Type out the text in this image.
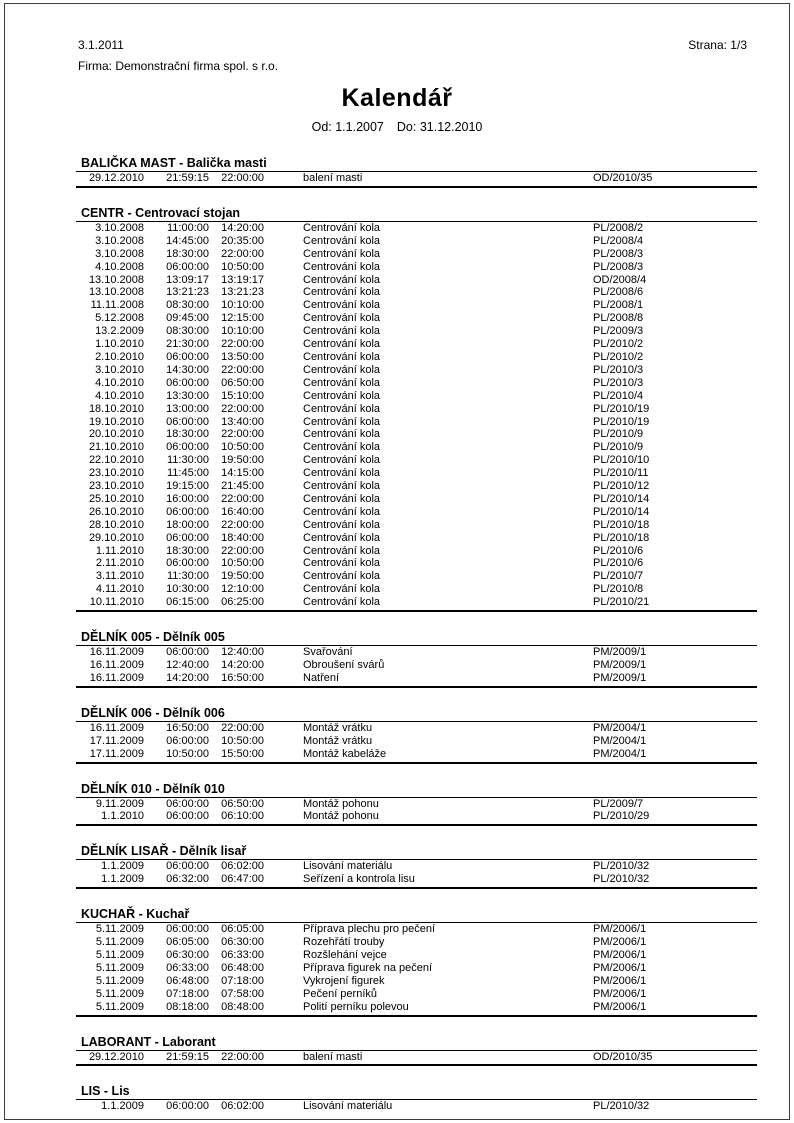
3.1.2011	Strana: 1/3
Firma: Demonstrační firma spol. s r.o.
Kalendář
Od: 1.1.2007 Do: 31.12.2010
BALIČKA MAST - Balička masti
29.12.2010	21:59:15	22:00:00	balení masti	OD/2010/35
CENTR - Centrovací stojan
3.10.2008	11:00:00	14:20:00	Centrování kola	PL/2008/2
3.10.2008	14:45:00	20:35:00	Centrování kola	PL/2008/4
3.10.2008	18:30:00	22:00:00	Centrování kola	PL/2008/3
4.10.2008	06:00:00	10:50:00	Centrování kola	PL/2008/3
13.10.2008	13:09:17	13:19:17	Centrování kola	OD/2008/4
13.10.2008	13:21:23	13:21:23	Centrování kola	PL/2008/6
11.11.2008	08:30:00	10:10:00	Centrování kola	PL/2008/1
5.12.2008	09:45:00	12:15:00	Centrování kola	PL/2008/8
13.2.2009	08:30:00	10:10:00	Centrování kola	PL/2009/3
1.10.2010	21:30:00	22:00:00	Centrování kola	PL/2010/2
2.10.2010	06:00:00	13:50:00	Centrování kola	PL/2010/2
3.10.2010	14:30:00	22:00:00	Centrování kola	PL/2010/3
4.10.2010	06:00:00	06:50:00	Centrování kola	PL/2010/3
4.10.2010	13:30:00	15:10:00	Centrování kola	PL/2010/4
18.10.2010	13:00:00	22:00:00	Centrování kola	PL/2010/19
19.10.2010	06:00:00	13:40:00	Centrování kola	PL/2010/19
20.10.2010	18:30:00	22:00:00	Centrování kola	PL/2010/9
21.10.2010	06:00:00	10:50:00	Centrování kola	PL/2010/9
22.10.2010	11:30:00	19:50:00	Centrování kola	PL/2010/10
23.10.2010	11:45:00	14:15:00	Centrování kola	PL/2010/11
23.10.2010	19:15:00	21:45:00	Centrování kola	PL/2010/12
25.10.2010	16:00:00	22:00:00	Centrování kola	PL/2010/14
26.10.2010	06:00:00	16:40:00	Centrování kola	PL/2010/14
28.10.2010	18:00:00	22:00:00	Centrování kola	PL/2010/18
29.10.2010	06:00:00	18:40:00	Centrování kola	PL/2010/18
1.11.2010	18:30:00	22:00:00	Centrování kola	PL/2010/6
2.11.2010	06:00:00	10:50:00	Centrování kola	PL/2010/6
3.11.2010	11:30:00	19:50:00	Centrování kola	PL/2010/7
4.11.2010	10:30:00	12:10:00	Centrování kola	PL/2010/8
10.11.2010	06:15:00	06:25:00	Centrování kola	PL/2010/21
DĚLNÍK 005 - Dělník 005
16.11.2009	06:00:00	12:40:00	Svařování	PM/2009/1
16.11.2009	12:40:00	14:20:00	Obroušení svárů	PM/2009/1
16.11.2009	14:20:00	16:50:00	Natření	PM/2009/1
DĚLNÍK 006 - Dělník 006
16.11.2009	16:50:00	22:00:00	Montáž vrátku	PM/2004/1
17.11.2009	06:00:00	10:50:00	Montáž vrátku	PM/2004/1
17.11.2009	10:50:00	15:50:00	Montáž kabeláže	PM/2004/1
DĚLNÍK 010 - Dělník 010
9.11.2009	06:00:00	06:50:00	Montáž pohonu	PL/2009/7
1.1.2010	06:00:00	06:10:00	Montáž pohonu	PL/2010/29
DĚLNÍK LISAŘ - Dělník lisař
1.1.2009	06:00:00	06:02:00	Lisování materiálu	PL/2010/32
1.1.2009	06:32:00	06:47:00	Seřízení a kontrola lisu	PL/2010/32
KUCHAŘ - Kuchař
5.11.2009	06:00:00	06:05:00	Příprava plechu pro pečení	PM/2006/1
5.11.2009	06:05:00	06:30:00	Rozehřátí trouby	PM/2006/1
5.11.2009	06:30:00	06:33:00	Rozšlehání vejce	PM/2006/1
5.11.2009	06:33:00	06:48:00	Příprava figurek na pečení	PM/2006/1
5.11.2009	06:48:00	07:18:00	Vykrojení figurek	PM/2006/1
5.11.2009	07:18:00	07:58:00	Pečení perníků	PM/2006/1
5.11.2009	08:18:00	08:48:00	Polití perníku polevou	PM/2006/1
LABORANT - Laborant
29.12.2010	21:59:15	22:00:00	balení masti	OD/2010/35
LIS - Lis
1.1.2009	06:00:00	06:02:00	Lisování materiálu	PL/2010/32
